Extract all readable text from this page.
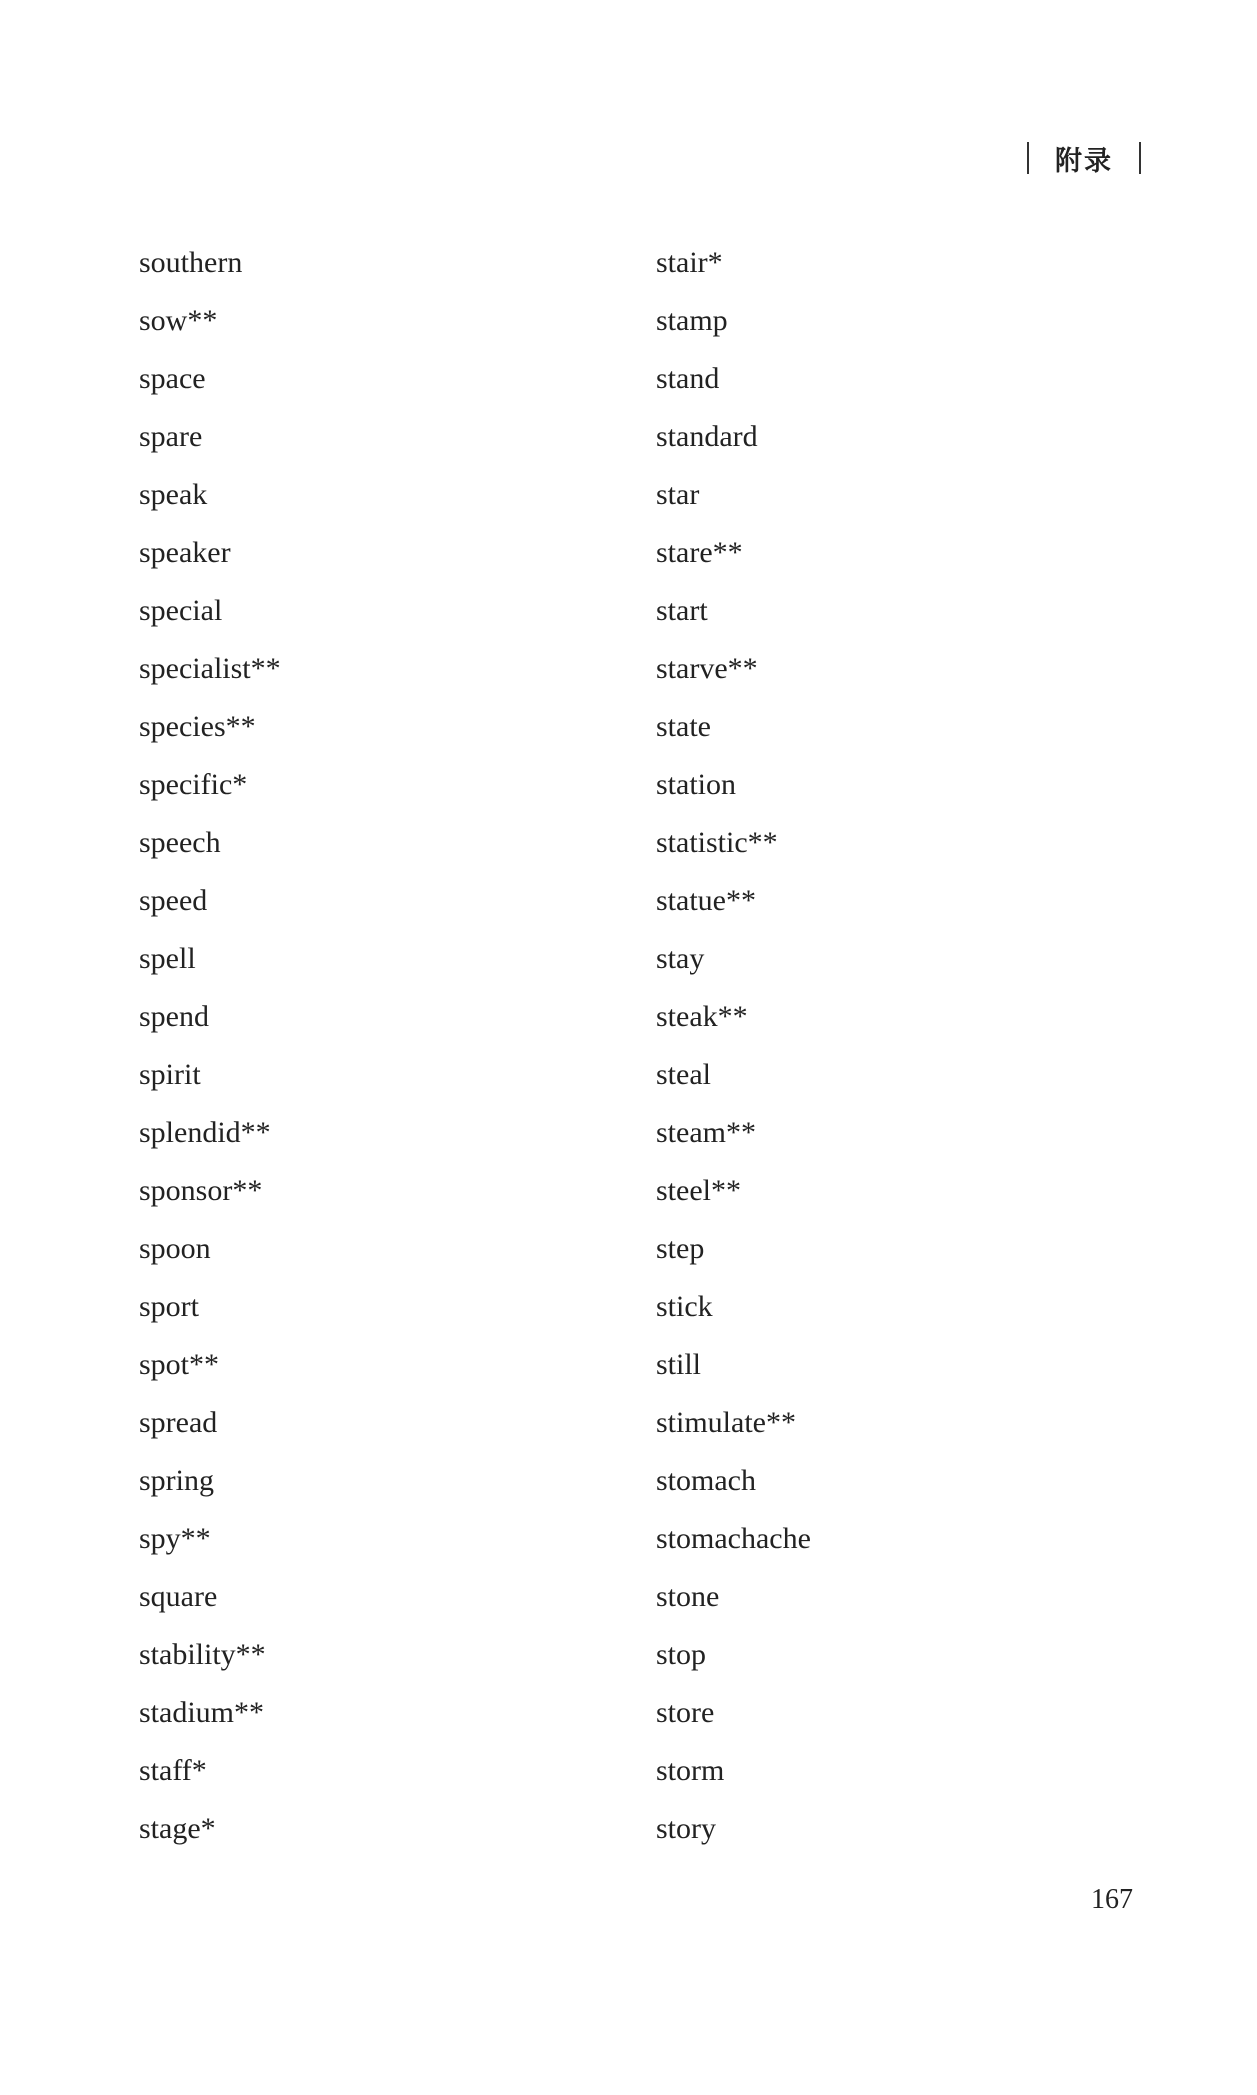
附录
southern
sow**
space
spare
speak
speaker
special
specialist**
species**
specific*
speech
speed
spell
spend
spirit
splendid**
sponsor**
spoon
sport
spot**
spread
spring
spy**
square
stability**
stadium**
staff*
stage*
stair*
stamp
stand
standard
star
stare**
start
starve**
state
station
statistic**
statue**
stay
steak**
steal
steam**
steel**
step
stick
still
stimulate**
stomach
stomachache
stone
stop
store
storm
story
167
